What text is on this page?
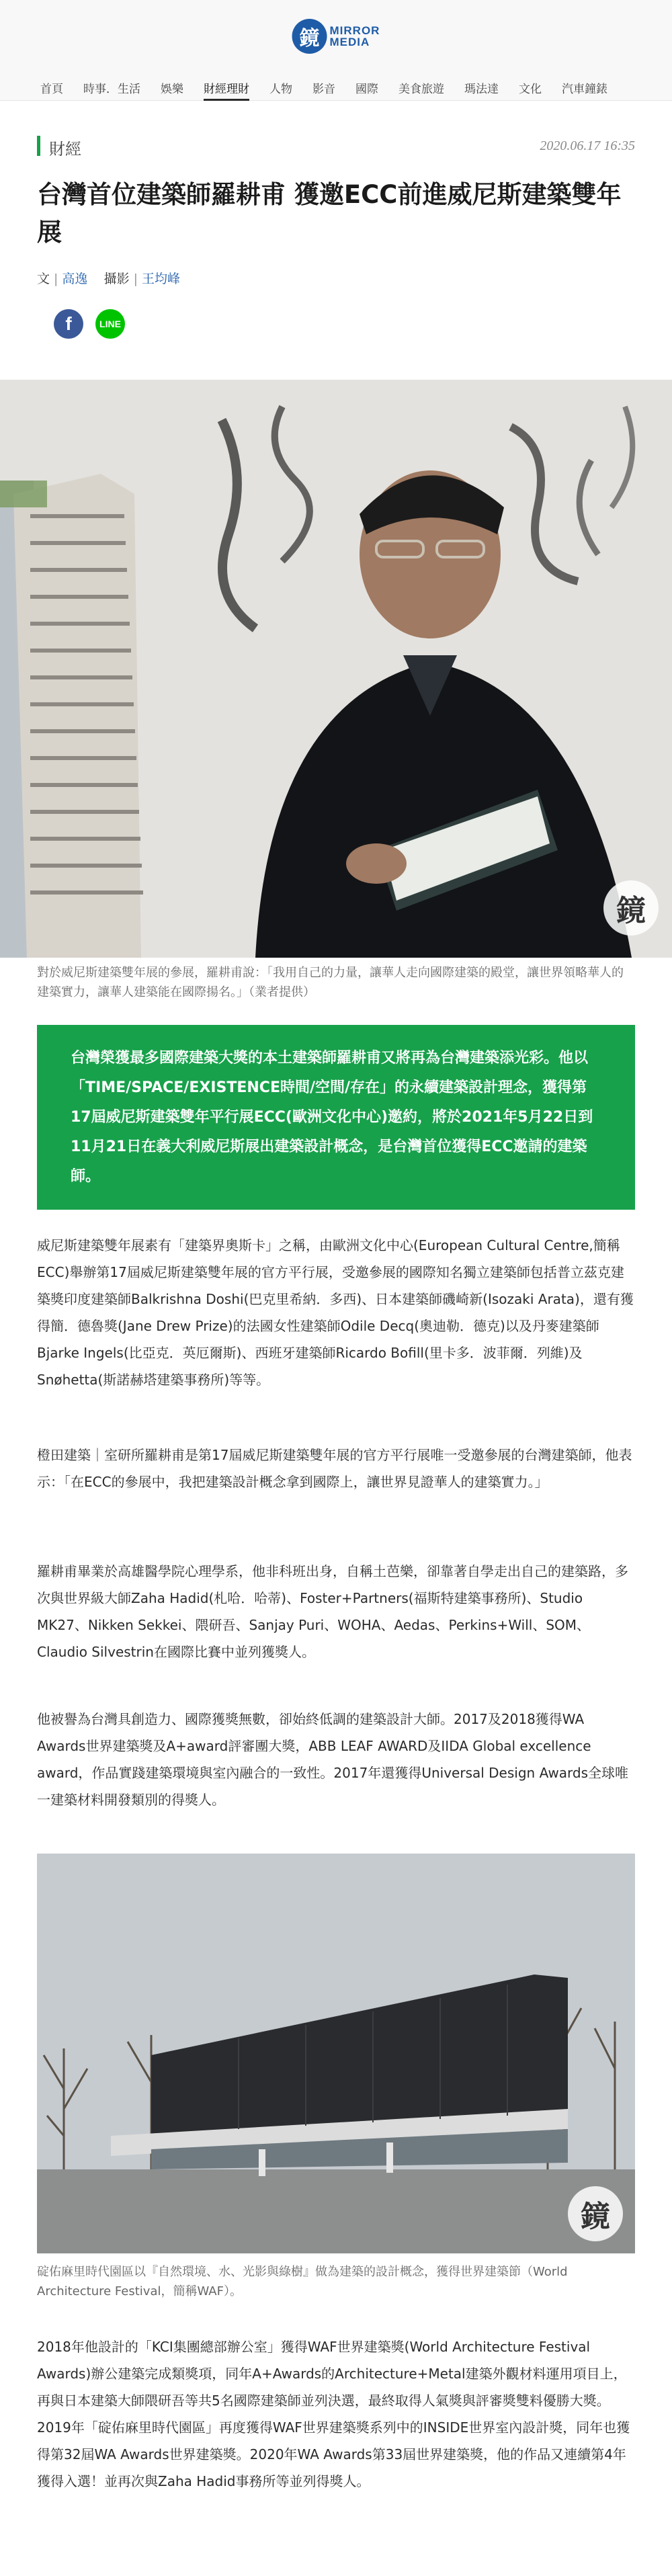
鏡 MIRROR
MEDIA
首頁 時事．生活 娛樂 財經理財 人物 影音 國際 美食旅遊 瑪法達 文化 汽車鐘錶
財經	2020.06.17 16:35
台灣首位建築師羅耕甫 獲邀ECC前進威尼斯建築雙年展
文 | 高逸 攝影 | 王均峰
f	LINE
鏡
對於威尼斯建築雙年展的參展，羅耕甫說：「我用自己的力量，讓華人走向國際建築的殿堂，讓世界領略華人的建築實力，讓華人建築能在國際揚名。」（業者提供）
台灣榮獲最多國際建築大獎的本土建築師羅耕甫又將再為台灣建築添光彩。他以「TIME/SPACE/EXISTENCE時間/空間/存在」的永續建築設計理念，獲得第17屆威尼斯建築雙年平行展ECC(歐洲文化中心)邀約，將於2021年5月22日到11月21日在義大利威尼斯展出建築設計概念，是台灣首位獲得ECC邀請的建築師。

威尼斯建築雙年展素有「建築界奧斯卡」之稱，由歐洲文化中心(European Cultural Centre,簡稱ECC)舉辦第17屆威尼斯建築雙年展的官方平行展，受邀參展的國際知名獨立建築師包括普立茲克建築獎印度建築師Balkrishna Doshi(巴克里希納．多西)、日本建築師磯崎新(Isozaki Arata)，還有獲得簡．德魯獎(Jane Drew Prize)的法國女性建築師Odile Decq(奧迪勒．德克)以及丹麥建築師Bjarke Ingels(比亞克．英厄爾斯)、西班牙建築師Ricardo Bofill(里卡多．波菲爾．列維)及Snøhetta(斯諾赫塔建築事務所)等等。

橙田建築｜室研所羅耕甫是第17屆威尼斯建築雙年展的官方平行展唯一受邀參展的台灣建築師，他表示：「在ECC的參展中，我把建築設計概念拿到國際上，讓世界見證華人的建築實力。」

羅耕甫畢業於高雄醫學院心理學系，他非科班出身，自稱土芭樂，卻靠著自學走出自己的建築路，多次與世界級大師Zaha Hadid(札哈．哈蒂)、Foster+Partners(福斯特建築事務所)、Studio MK27、Nikken Sekkei、隈研吾、Sanjay Puri、WOHA、Aedas、Perkins+Will、SOM、Claudio Silvestrin在國際比賽中並列獲獎人。

他被譽為台灣具創造力、國際獲獎無數，卻始終低調的建築設計大師。2017及2018獲得WA Awards世界建築獎及A+award評審團大獎，ABB LEAF AWARD及IIDA Global excellence award，作品實踐建築環境與室內融合的一致性。2017年還獲得Universal Design Awards全球唯一建築材料開發類別的得獎人。

鏡
碇佑麻里時代園區以『自然環境、水、光影與綠樹』做為建築的設計概念，獲得世界建築節（World Architecture Festival，簡稱WAF）。

2018年他設計的「KCI集團總部辦公室」獲得WAF世界建築獎(World Architecture Festival Awards)辦公建築完成類獎項，同年A+Awards的Architecture+Metal建築外觀材料運用項目上，再與日本建築大師隈研吾等共5名國際建築師並列決選，最終取得人氣獎與評審獎雙料優勝大獎。2019年「碇佑麻里時代園區」再度獲得WAF世界建築獎系列中的INSIDE世界室內設計獎，同年也獲得第32屆WA Awards世界建築獎。2020年WA Awards第33屆世界建築獎，他的作品又連續第4年獲得入選！並再次與Zaha Hadid事務所等並列得獎人。
